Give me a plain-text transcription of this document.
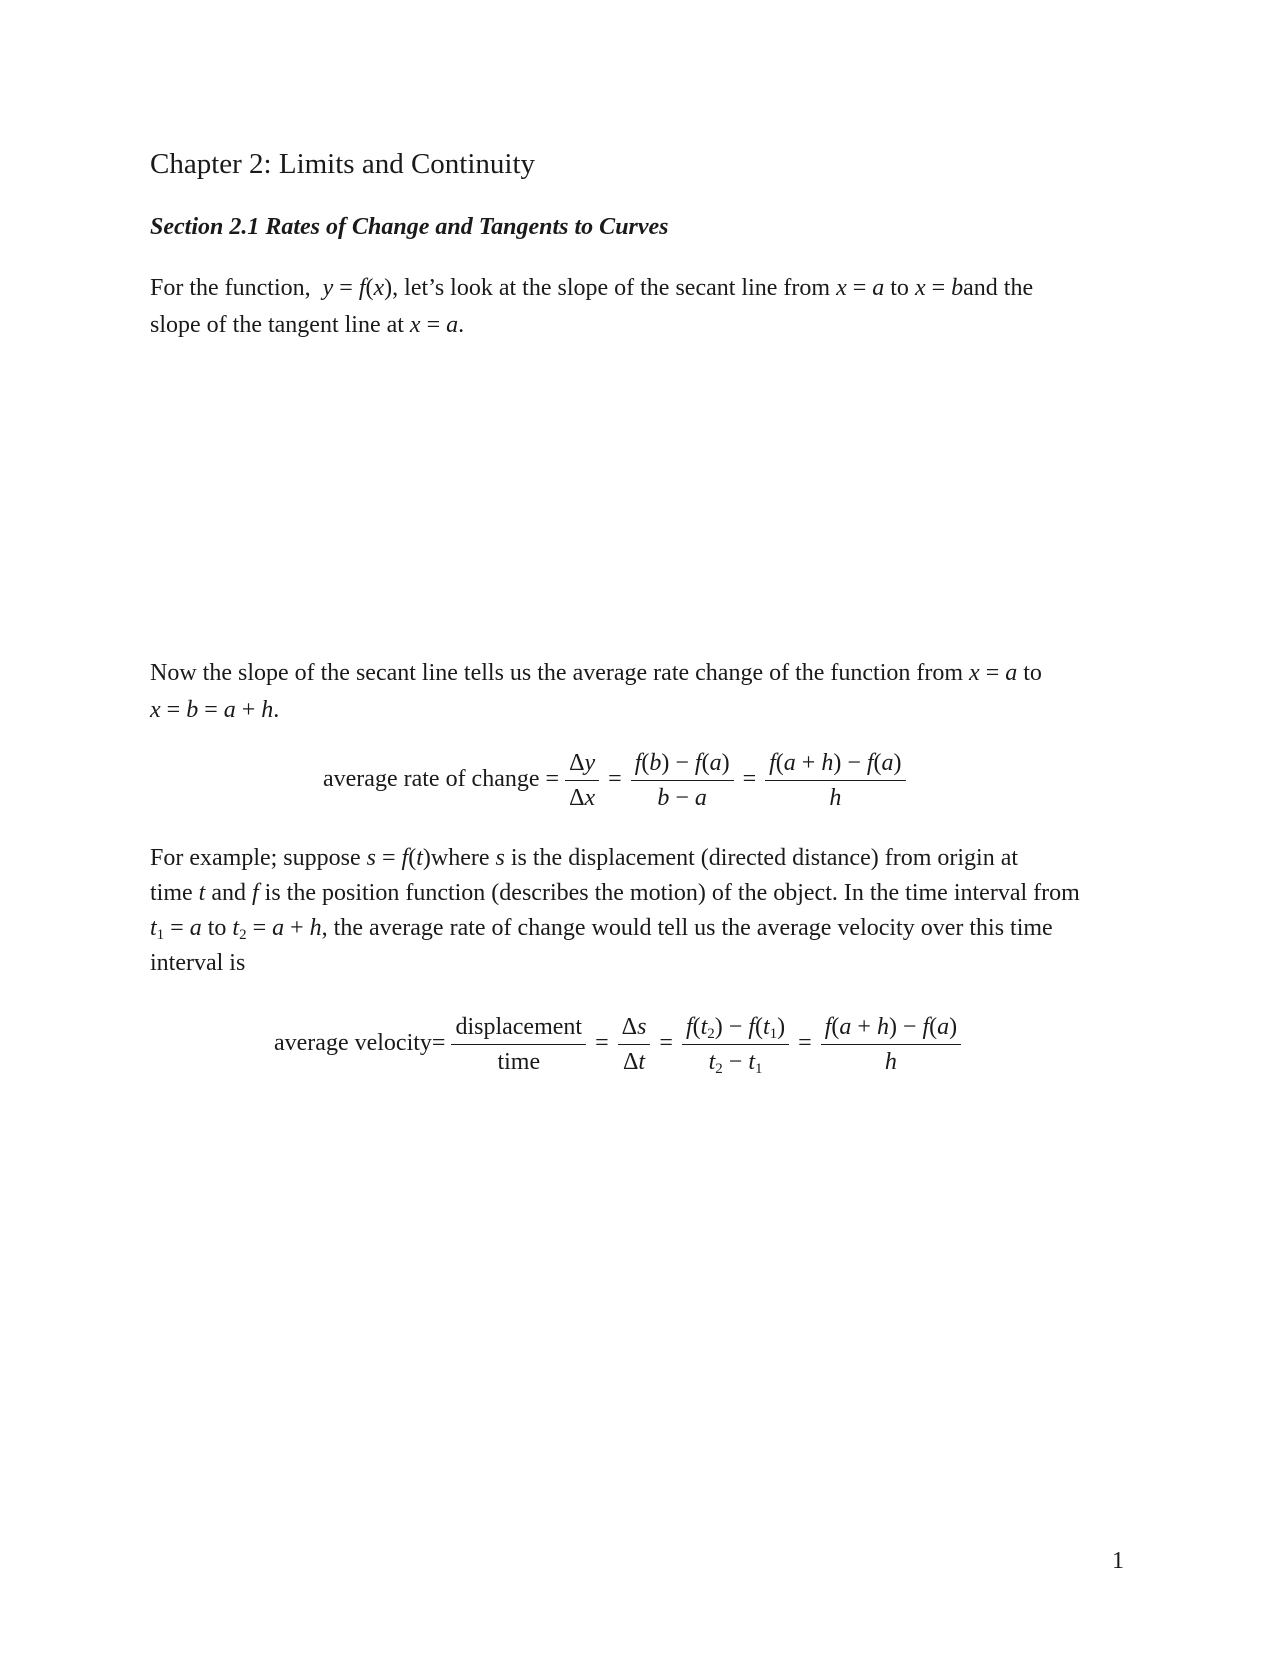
Chapter 2: Limits and Continuity
Section 2.1 Rates of Change and Tangents to Curves
For the function, y = f(x), let’s look at the slope of the secant line from x = a to x = band the
slope of the tangent line at x = a.
Now the slope of the secant line tells us the average rate change of the function from x = a to
x = b = a + h.
average rate of change = $\frac{\Delta y}{\Delta x} = \frac{f(b) - f(a)}{b - a} = \frac{f(a + h) - f(a)}{h}$
For example; suppose s = f(t)where s is the displacement (directed distance) from origin at
time t and f is the position function (describes the motion) of the object. In the time interval from
$t_1 = a$ to $t_2 = a + h$, the average rate of change would tell us the average velocity over this time
interval is
average velocity= $\frac{\text{displacement}}{\text{time}} = \frac{\Delta s}{\Delta t} = \frac{f(t_2) - f(t_1)}{t_2 - t_1} = \frac{f(a + h) - f(a)}{h}$
1
